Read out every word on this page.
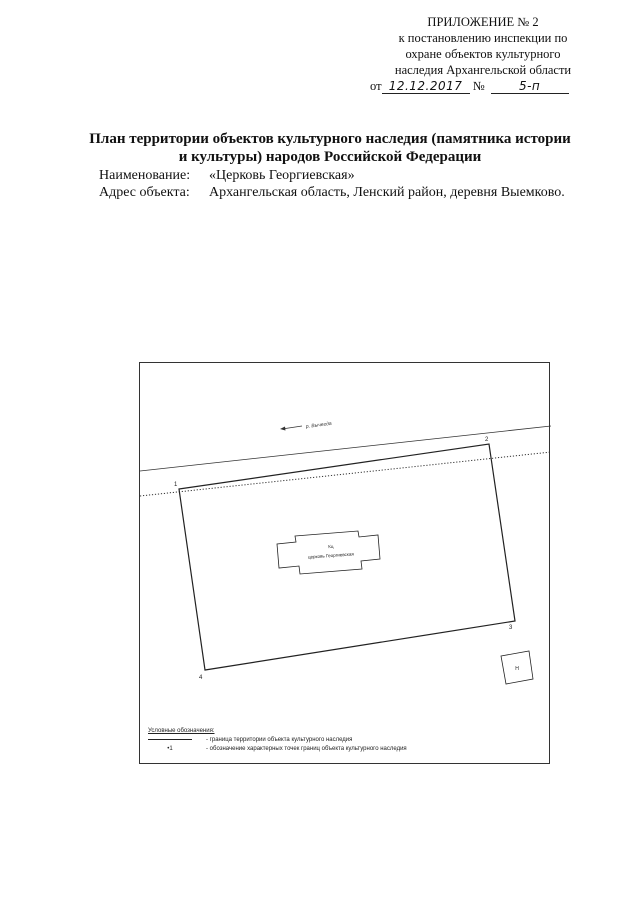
ПРИЛОЖЕНИЕ № 2
к постановлению инспекции по
охране объектов культурного
наследия Архангельской области
от 12.12.2017 №	5-п
План территории объектов культурного наследия (памятника истории
и культуры) народов Российской Федерации
Наименование: «Церковь Георгиевская»
Адрес объекта: Архангельская область, Ленский район, деревня Выемково.
р. Вычегда
1
2
3
4
Кц
церковь Георгиевская
Н
Условные обозначения:
- граница территории объекта культурного наследия
•1	- обозначение характерных точек границ объекта культурного наследия
